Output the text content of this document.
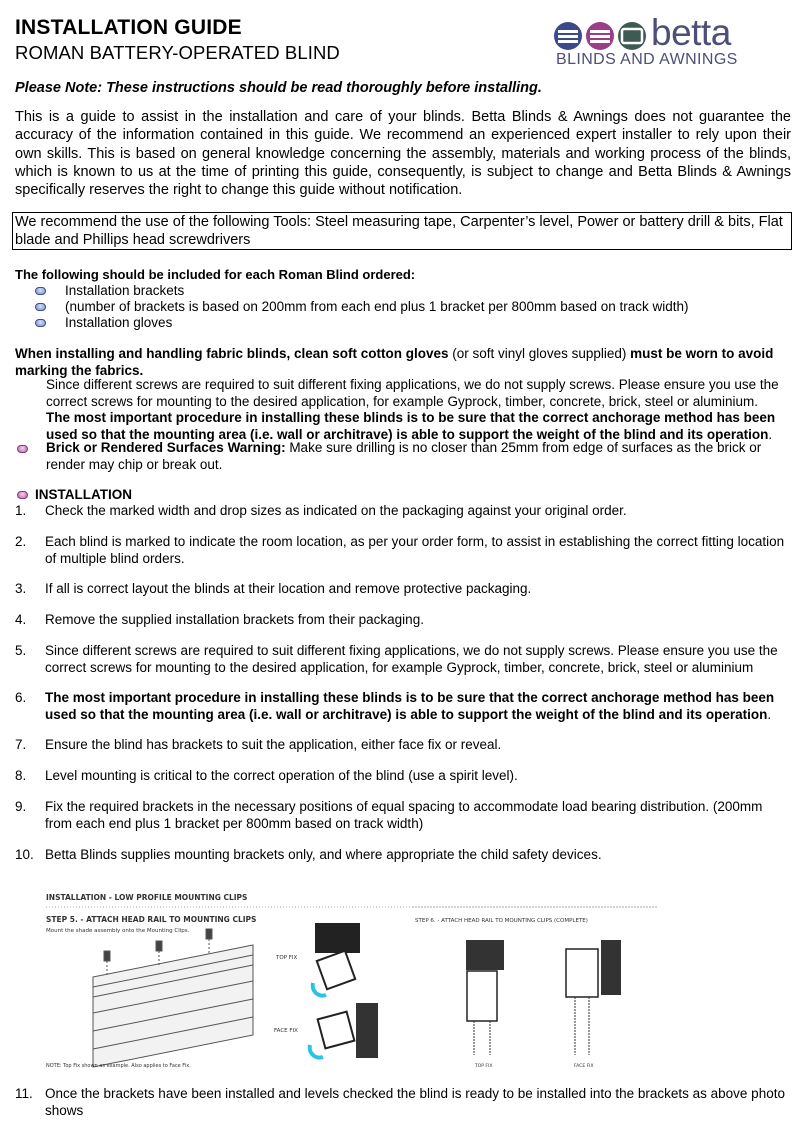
INSTALLATION GUIDE
ROMAN BATTERY-OPERATED BLIND	betta
BLINDS AND AWNINGS
Please Note: These instructions should be read thoroughly before installing.
This is a guide to assist in the installation and care of your blinds. Betta Blinds & Awnings does not guarantee the accuracy of the information contained in this guide. We recommend an experienced expert installer to rely upon their own skills. This is based on general knowledge concerning the assembly, materials and working process of the blinds, which is known to us at the time of printing this guide, consequently, is subject to change and Betta Blinds & Awnings specifically reserves the right to change this guide without notification.
We recommend the use of the following Tools: Steel measuring tape, Carpenter’s level, Power or battery drill & bits, Flat blade and Phillips head screwdrivers
The following should be included for each Roman Blind ordered:
Installation brackets
(number of brackets is based on 200mm from each end plus 1 bracket per 800mm based on track width)
Installation gloves
When installing and handling fabric blinds, clean soft cotton gloves (or soft vinyl gloves supplied) must be worn to avoid marking the fabrics.
Since different screws are required to suit different fixing applications, we do not supply screws. Please ensure you use the correct screws for mounting to the desired application, for example Gyprock, timber, concrete, brick, steel or aluminium.
The most important procedure in installing these blinds is to be sure that the correct anchorage method has been used so that the mounting area (i.e. wall or architrave) is able to support the weight of the blind and its operation.
Brick or Rendered Surfaces Warning: Make sure drilling is no closer than 25mm from edge of surfaces as the brick or render may chip or break out.
INSTALLATION
1. Check the marked width and drop sizes as indicated on the packaging against your original order.
2. Each blind is marked to indicate the room location, as per your order form, to assist in establishing the correct fitting location of multiple blind orders.
3. If all is correct layout the blinds at their location and remove protective packaging.
4. Remove the supplied installation brackets from their packaging.
5. Since different screws are required to suit different fixing applications, we do not supply screws. Please ensure you use the correct screws for mounting to the desired application, for example Gyprock, timber, concrete, brick, steel or aluminium
6. The most important procedure in installing these blinds is to be sure that the correct anchorage method has been used so that the mounting area (i.e. wall or architrave) is able to support the weight of the blind and its operation.
7. Ensure the blind has brackets to suit the application, either face fix or reveal.
8. Level mounting is critical to the correct operation of the blind (use a spirit level).
9. Fix the required brackets in the necessary positions of equal spacing to accommodate load bearing distribution. (200mm from each end plus 1 bracket per 800mm based on track width)
10. Betta Blinds supplies mounting brackets only, and where appropriate the child safety devices.
INSTALLATION - LOW PROFILE MOUNTING CLIPS
STEP 5. - ATTACH HEAD RAIL TO MOUNTING CLIPS
Mount the shade assembly onto the Mounting Clips.
NOTE: Top Fix shown as example. Also applies to Face Fix.
TOP FIX
FACE FIX
STEP 6. - ATTACH HEAD RAIL TO MOUNTING CLIPS (COMPLETE)
TOP FIX	FACE FIX
11. Once the brackets have been installed and levels checked the blind is ready to be installed into the brackets as above photo shows
